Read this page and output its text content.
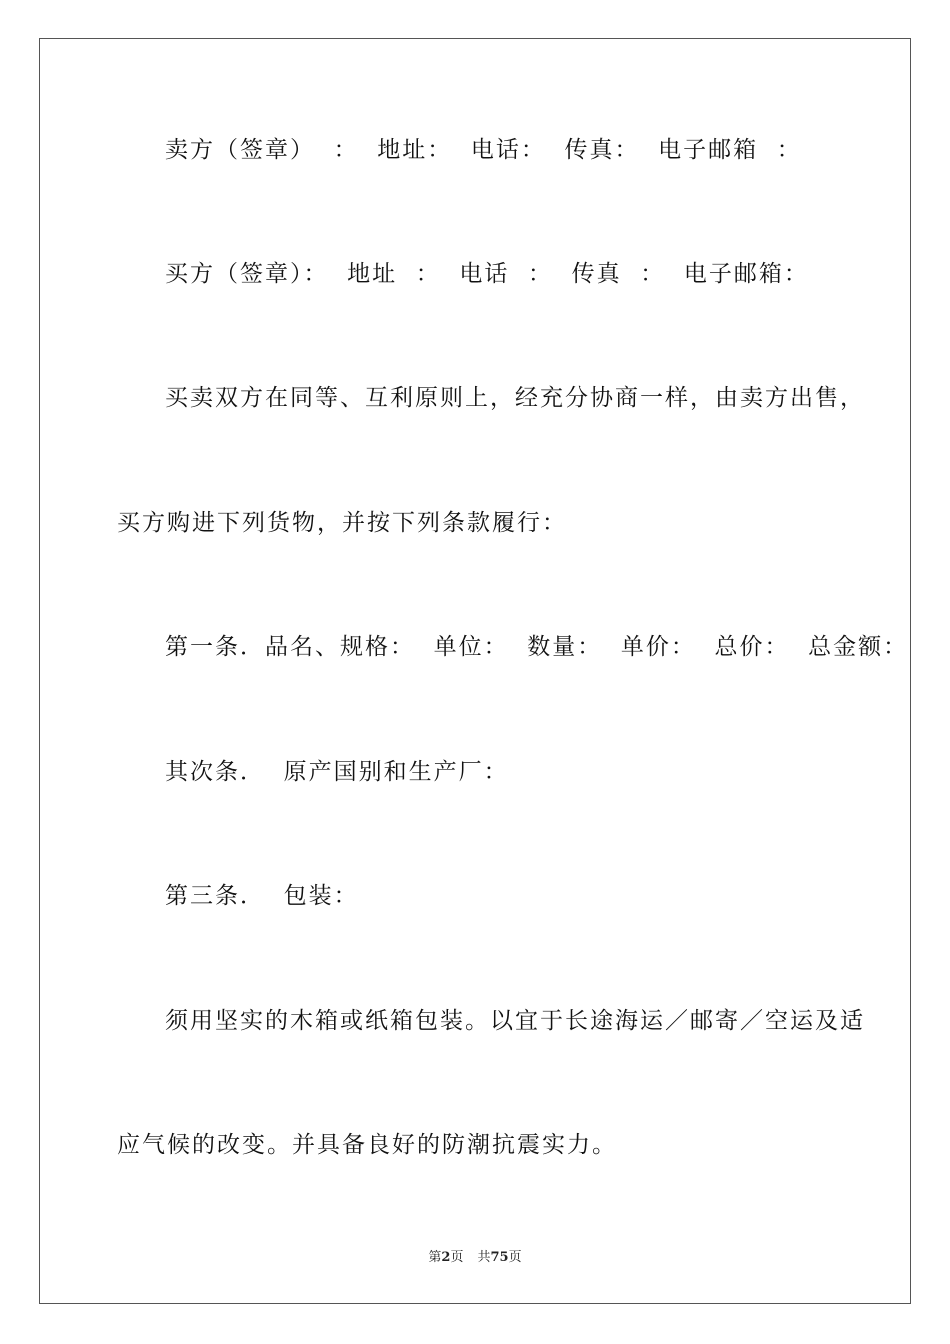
卖方（签章）  ：  地址：  电话：  传真：  电子邮箱  ：
买方（签章）：  地址  ：  电话  ：  传真  ：  电子邮箱：
买卖双方在同等、互利原则上，经充分协商一样，由卖方出售，
买方购进下列货物，并按下列条款履行：
第一条．品名、规格：  单位：  数量：  单价：  总价：  总金额：
其次条．  原产国别和生产厂：
第三条．  包装：
须用坚实的木箱或纸箱包装。以宜于长途海运／邮寄／空运及适
应气候的改变。并具备良好的防潮抗震实力。
第2页 共75页
